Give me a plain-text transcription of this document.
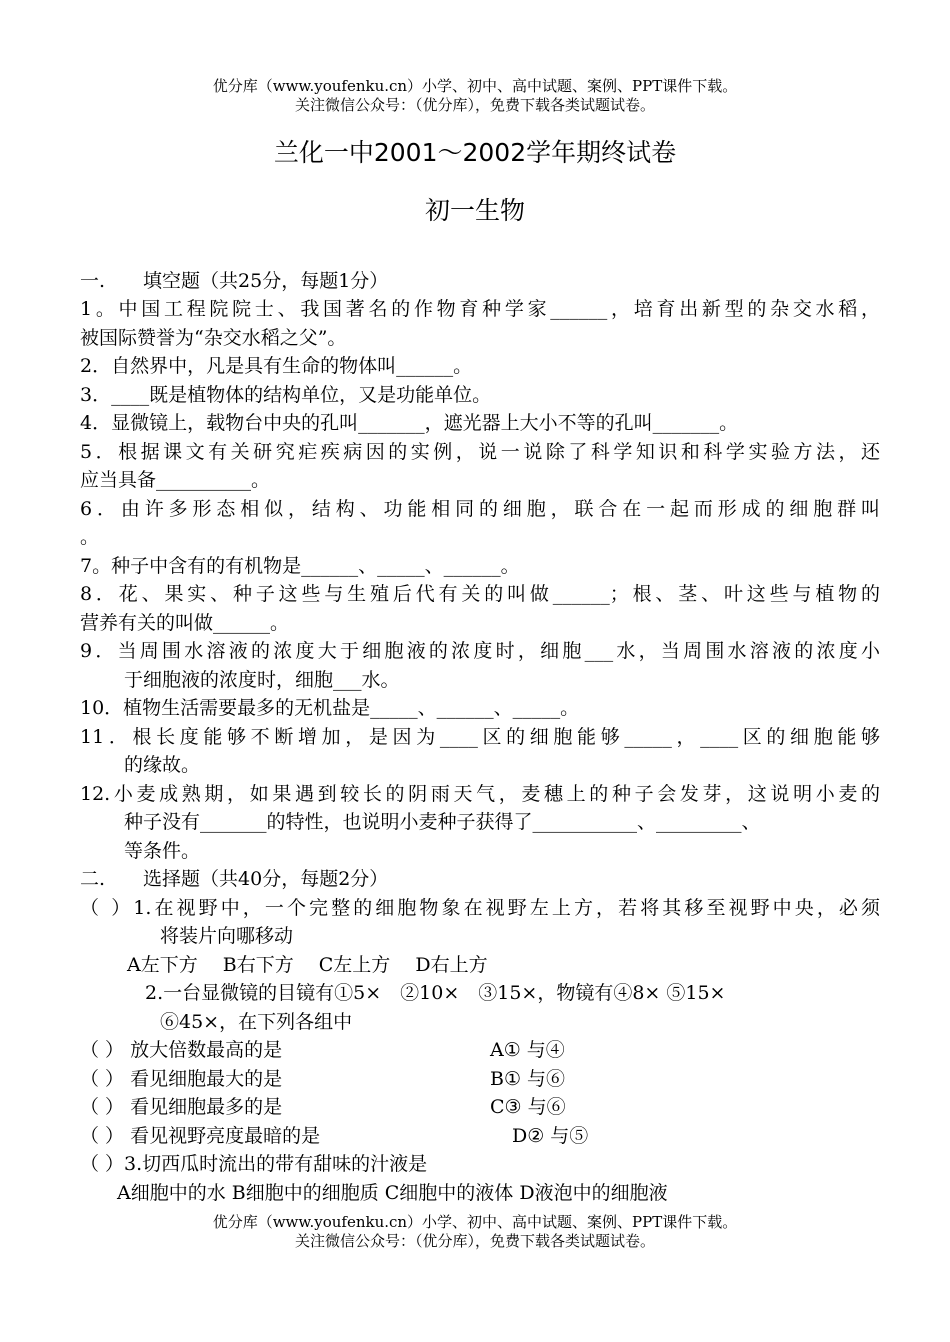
优分库（www.youfenku.cn）小学、初中、高中试题、案例、PPT课件下载。
关注微信公众号：（优分库），免费下载各类试题试卷。
兰化一中2001～2002学年期终试卷
初一生物
一.　　填空题（共25分，每题1分）
1。中国工程院院士、我国著名的作物育种学家______，培育出新型的杂交水稻，
被国际赞誉为“杂交水稻之父”。
2．自然界中，凡是具有生命的物体叫______。
3．____既是植物体的结构单位，又是功能单位。
4．显微镜上，载物台中央的孔叫_______，遮光器上大小不等的孔叫_______。
5．根据课文有关研究疟疾病因的实例，说一说除了科学知识和科学实验方法，还
应当具备__________。
6．由许多形态相似，结构、功能相同的细胞，联合在一起而形成的细胞群叫
。
7。种子中含有的有机物是______、_____、______。
8．花、果实、种子这些与生殖后代有关的叫做______；根、茎、叶这些与植物的
营养有关的叫做______。
9．当周围水溶液的浓度大于细胞液的浓度时，细胞___水，当周围水溶液的浓度小
于细胞液的浓度时，细胞___水。
10．植物生活需要最多的无机盐是_____、______、_____。
11．根长度能够不断增加，是因为____区的细胞能够_____，____区的细胞能够
的缘故。
12.小麦成熟期，如果遇到较长的阴雨天气，麦穗上的种子会发芽，这说明小麦的
种子没有_______的特性，也说明小麦种子获得了___________、_________、
等条件。
二.　　选择题（共40分，每题2分）
（ ）1.在视野中，一个完整的细胞物象在视野左上方，若将其移至视野中央，必须
将装片向哪移动
A左下方　 B右下方　 C左上方　 D右上方
2.一台显微镜的目镜有①5×　②10×　③15×，物镜有④8× ⑤15×
⑥45×，在下列各组中
（ ） 放大倍数最高的是	A① 与④
（ ） 看见细胞最大的是	B① 与⑥
（ ） 看见细胞最多的是	C③ 与⑥
（ ） 看见视野亮度最暗的是	D② 与⑤
（ ）3.切西瓜时流出的带有甜味的汁液是
A细胞中的水 B细胞中的细胞质 C细胞中的液体 D液泡中的细胞液
优分库（www.youfenku.cn）小学、初中、高中试题、案例、PPT课件下载。
关注微信公众号：（优分库），免费下载各类试题试卷。
